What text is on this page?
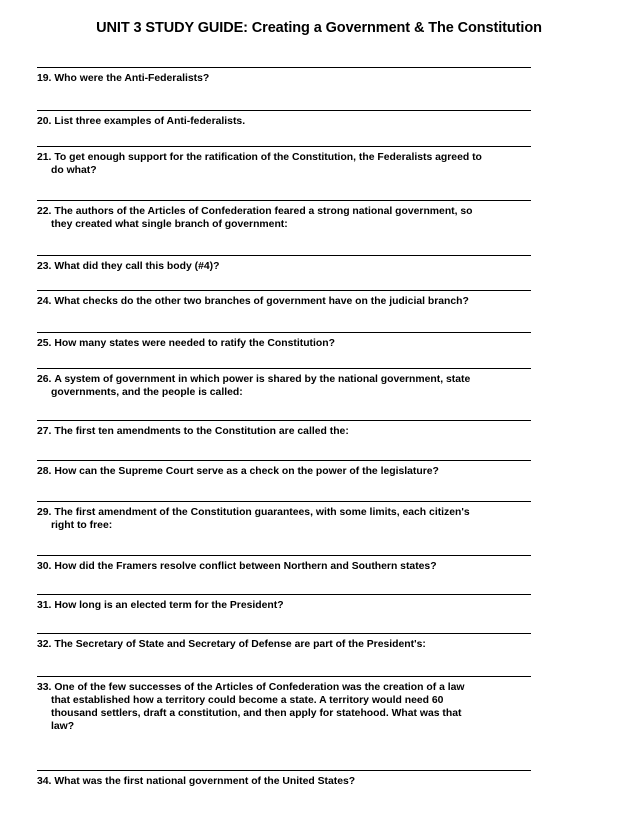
UNIT 3 STUDY GUIDE: Creating a Government & The Constitution
19.
Who were the Anti-Federalists?
20.
List three examples of Anti-federalists.
21.
To get enough support for the ratification of the Constitution, the Federalists agreed to
do what?
22.
The authors of the Articles of Confederation feared a strong national government, so
they created what single branch of government:
23.
What did they call this body (#4)?
24.
What checks do the other two branches of government have on the judicial branch?
25.
How many states were needed to ratify the Constitution?
26.
A system of government in which power is shared by the national government, state
governments, and the people is called:
27.
The first ten amendments to the Constitution are called the:
28.
How can the Supreme Court serve as a check on the power of the legislature?
29.
The first amendment of the Constitution guarantees, with some limits, each citizen's
right to free:
30.
How did the Framers resolve conflict between Northern and Southern states?
31.
How long is an elected term for the President?
32.
The Secretary of State and Secretary of Defense are part of the President's:
33.
One of the few successes of the Articles of Confederation was the creation of a law
that established how a territory could become a state. A territory would need 60
thousand settlers, draft a constitution, and then apply for statehood. What was that
law?
34.
What was the first national government of the United States?
